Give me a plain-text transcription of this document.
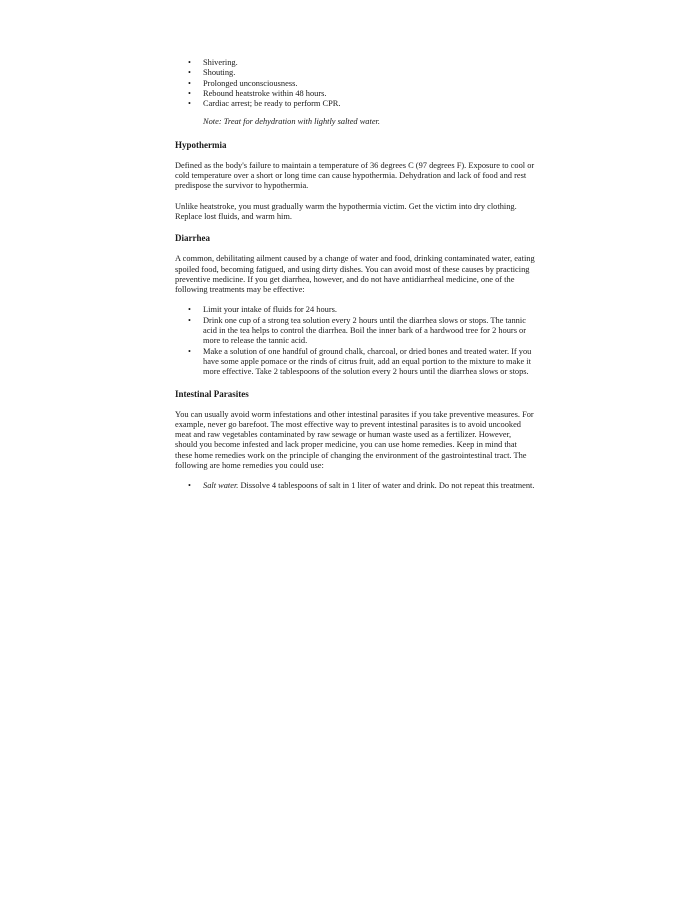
• Shivering.
• Shouting.
• Prolonged unconsciousness.
• Rebound heatstroke within 48 hours.
• Cardiac arrest; be ready to perform CPR.

Note: Treat for dehydration with lightly salted water.

Hypothermia

Defined as the body's failure to maintain a temperature of 36 degrees C (97 degrees F). Exposure to cool or cold temperature over a short or long time can cause hypothermia. Dehydration and lack of food and rest predispose the survivor to hypothermia.

Unlike heatstroke, you must gradually warm the hypothermia victim. Get the victim into dry clothing. Replace lost fluids, and warm him.

Diarrhea

A common, debilitating ailment caused by a change of water and food, drinking contaminated water, eating spoiled food, becoming fatigued, and using dirty dishes. You can avoid most of these causes by practicing preventive medicine. If you get diarrhea, however, and do not have antidiarrheal medicine, one of the following treatments may be effective:

• Limit your intake of fluids for 24 hours.
• Drink one cup of a strong tea solution every 2 hours until the diarrhea slows or stops. The tannic acid in the tea helps to control the diarrhea. Boil the inner bark of a hardwood tree for 2 hours or more to release the tannic acid.
• Make a solution of one handful of ground chalk, charcoal, or dried bones and treated water. If you have some apple pomace or the rinds of citrus fruit, add an equal portion to the mixture to make it more effective. Take 2 tablespoons of the solution every 2 hours until the diarrhea slows or stops.
Intestinal Parasites

You can usually avoid worm infestations and other intestinal parasites if you take preventive measures. For example, never go barefoot. The most effective way to prevent intestinal parasites is to avoid uncooked meat and raw vegetables contaminated by raw sewage or human waste used as a fertilizer. However, should you become infested and lack proper medicine, you can use home remedies. Keep in mind that these home remedies work on the principle of changing the environment of the gastrointestinal tract. The following are home remedies you could use:

• Salt water. Dissolve 4 tablespoons of salt in 1 liter of water and drink. Do not repeat this treatment.
